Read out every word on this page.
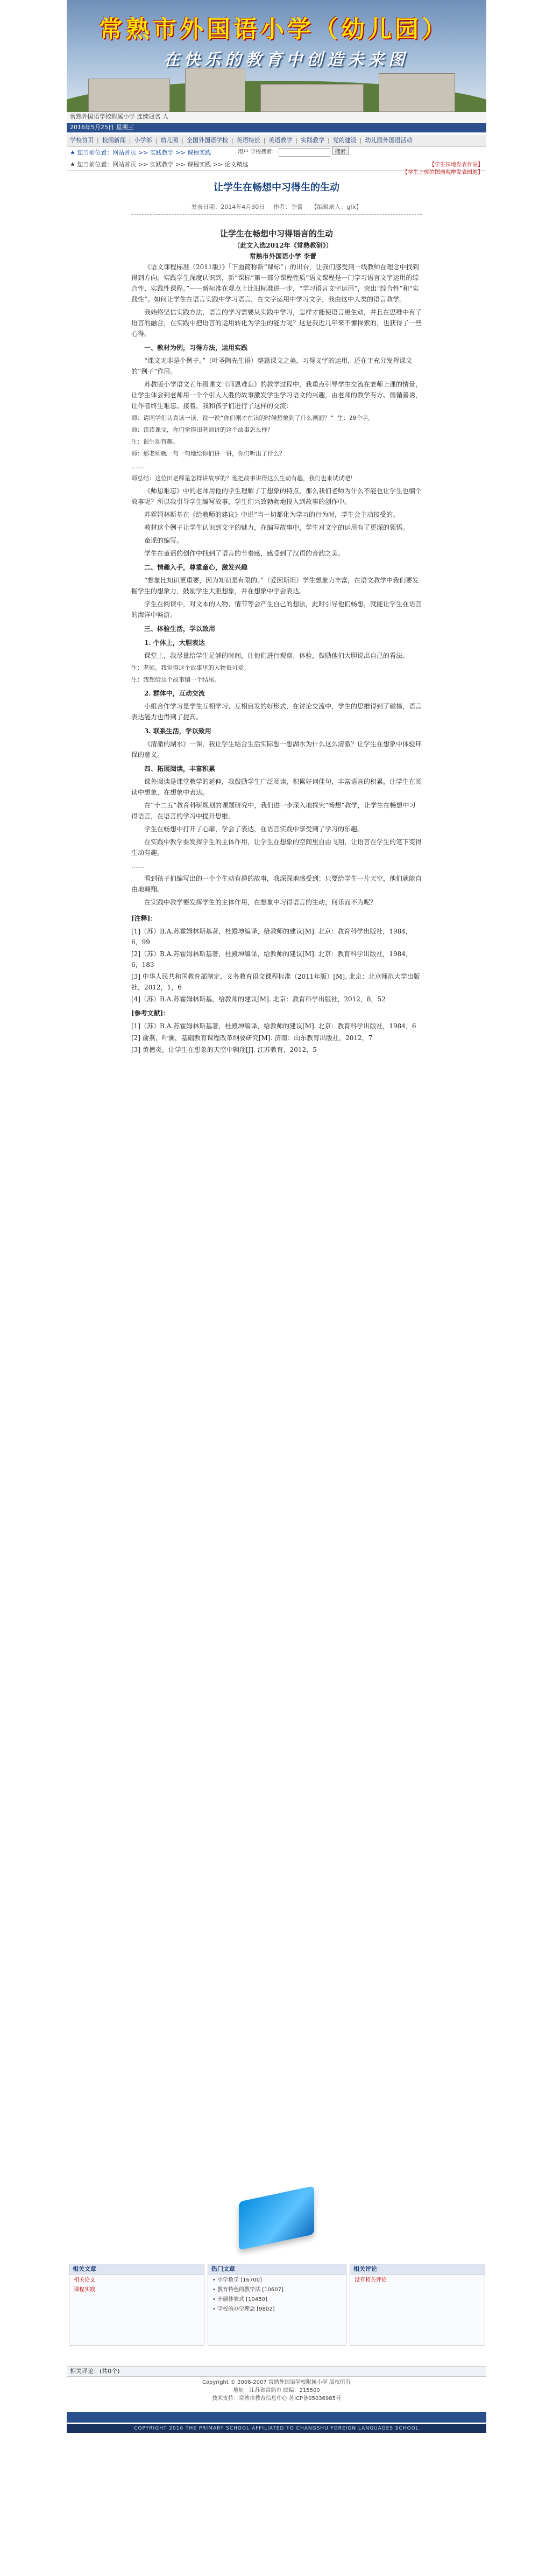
常熟市外国语小学（幼儿园）
在快乐的教育中创造未来图
常熟外国语学校附属小学 连续冠名 人
2016年5月25日 星期三
学校首页 | 校园新闻 | 小学部 | 幼儿园 | 全国外国语学校 | 英语特长 | 英语教学 | 实践教学 | 党的建设 | 幼儿园外国语活动
用户 学校搜索：	搜索
★ 您当前位置：网站首页 >> 实践教学 >> 课程实践
★ 您当前位置：网站首页 >> 实践教学 >> 课程实践 >> 论文精选	【学生园地发表作品】
【学生上传的图画观摩发表园地】
让学生在畅想中习得生的生动
发表日期：2014年4月30日 作者：李蕾 【编辑录入：gfx】
让学生在畅想中习得语言的生动

（此文入选2012年《常熟教研》）

常熟市外国语小学 李蕾

《语文课程标准（2011版）》「下面简称新“课标”」的出台，让我们感受到一线教师在理念中找到得到方向。实践学生深度认识到，新“课标”第一部分课程性质“语文课程是一门学习语言文字运用的综合性、实践性课程。”——新标准在观点上比旧标准进一步，“学习语言文字运用”，突出“综合性”和“实践性”。如何让学生在语言实践中学习语言，在文字运用中学习文字，我由这中人类的语言教学。

我始终坚信实践方法，语言的学习需要从实践中学习，怎样才能使语言更生动，并且在思维中有了语言的融合，在实践中把语言的运用转化为学生的能力呢？这是我近几年来不懈探索的，也获得了一些心得。

一、教材为例，习得方法，运用实践

“课文无非是个例子。”（叶圣陶先生语）整篇课文之美，习得文字的运用，还在于充分发挥课文的“例子”作用。

苏教版小学语文五年级课文《师恩难忘》的教学过程中，我重点引导学生交流在老师上课的情景，让学生体会到老师用一个个引人入胜的故事激发学生学习语文的兴趣，由老师的教学有方、循循善诱，让作者终生难忘。接着，我和孩子们进行了这样的交流：

师：请同学们认真读一读，说一说“你们刚才在读的时候想象到了什么画面？” 生：20个字。

师：读读课文，你们觉得田老师讲的这个故事怎么样？

生：很生动有趣。

师：那老师就一句一句地给你们讲一讲，你们听出了什么？

……

师总结：这位田老师是怎样讲故事的？他把故事讲得这么生动有趣，我们也来试试吧！

《师恩难忘》中的老师用他的学生理解了丁想象的特点，那么我们老师为什么不能也让学生也编个故事呢？所以我引导学生编写故事，学生们兴致勃勃地投入到故事的创作中。

苏霍姆林斯基在《给教师的建议》中说“当一切都化为学习的行为时，学生会主动接受的。

教材这个例子让学生认识到文字的魅力，在编写故事中，学生对文字的运用有了更深的领悟。

童谣的编写。

学生在童谣的创作中找到了语言的节奏感，感受到了汉语的音韵之美。

二、情趣入手，尊重童心，激发兴趣

“想象比知识更重要，因为知识是有限的。”（爱因斯坦）学生想象力丰富，在语文教学中我们要发掘学生的想象力，鼓励学生大胆想象，并在想象中学会表达。

学生在阅读中，对文本的人物、情节等会产生自己的想法，此时引导他们畅想，就能让学生在语言的海洋中畅游。

三、体验生活，学以致用

1. 个体上，大胆表达

课堂上，我尽量给学生足够的时间，让他们进行观察、体验，鼓励他们大胆说出自己的看法。

生：老师，我觉得这个故事里的人物很可爱。

生：我想给这个故事编一个结尾。

2. 群体中，互动交流

小组合作学习是学生互相学习、互相启发的好形式，在讨论交流中，学生的思维得到了碰撞，语言表达能力也得到了提高。

3. 联系生活，学以致用

《清澈的湖水》一课，我让学生结合生活实际想一想湖水为什么这么清澈？让学生在想象中体验环保的意义。

四、拓展阅读，丰富积累

课外阅读是课堂教学的延伸，我鼓励学生广泛阅读，积累好词佳句，丰富语言的积累，让学生在阅读中想象，在想象中表达。

在“十二五”教育科研规划的课题研究中，我们进一步深入地探究“畅想”教学，让学生在畅想中习得语言，在语言的学习中提升思维。

学生在畅想中打开了心扉，学会了表达，在语言实践中享受到了学习的乐趣。

在实践中教学要发挥学生的主体作用，让学生在想象的空间里自由飞翔，让语言在学生的笔下变得生动有趣。

……

看到孩子们编写出的一个个生动有趣的故事，我深深地感受到：只要给学生一片天空，他们就能自由地翱翔。

在实践中教学要发挥学生的主体作用，在想象中习得语言的生动，何乐而不为呢？

[注释]：

[1]（苏）B.A.苏霍姆林斯基著，杜殿坤编译，给教师的建议[M]. 北京：教育科学出版社，1984，6，99

[2]（苏）B.A.苏霍姆林斯基著，杜殿坤编译，给教师的建议[M]. 北京：教育科学出版社，1984，6，183

[3] 中华人民共和国教育部制定，义务教育语文课程标准（2011年版）[M]. 北京：北京师范大学出版社，2012，1，6

[4]（苏）B.A.苏霍姆林斯基，给教师的建议[M]. 北京：教育科学出版社，2012，8，52

[参考文献]：

[1]（苏）B.A.苏霍姆林斯基著，杜殿坤编译，给教师的建议[M]. 北京：教育科学出版社，1984，6

[2] 俞燕，叶澜，基础教育课程改革纲要研究[M]. 济南：山东教育出版社，2012，7

[3] 黄德炎，让学生在想象的天空中翱翔[J]. 江苏教育，2012，5

相关文章
相关论文
课程实践
热门文章
• 小学数学 [16700]
• 教育特色的教学法 [10607]
• 开展体验式 [10450]
• 学校的办学理念 [9802]
相关评论
没有相关评论
相关评论：(共0个)
Copyright © 2006-2007 常熟外国语学校附属小学 版权所有
地址：江苏省常熟市 邮编：215500
技术支持：常熟市教育信息中心 苏ICP备05036985号
COPYRIGHT 2016 THE PRIMARY SCHOOL AFFILIATED TO CHANGSHU FOREIGN LANGUAGES SCHOOL
